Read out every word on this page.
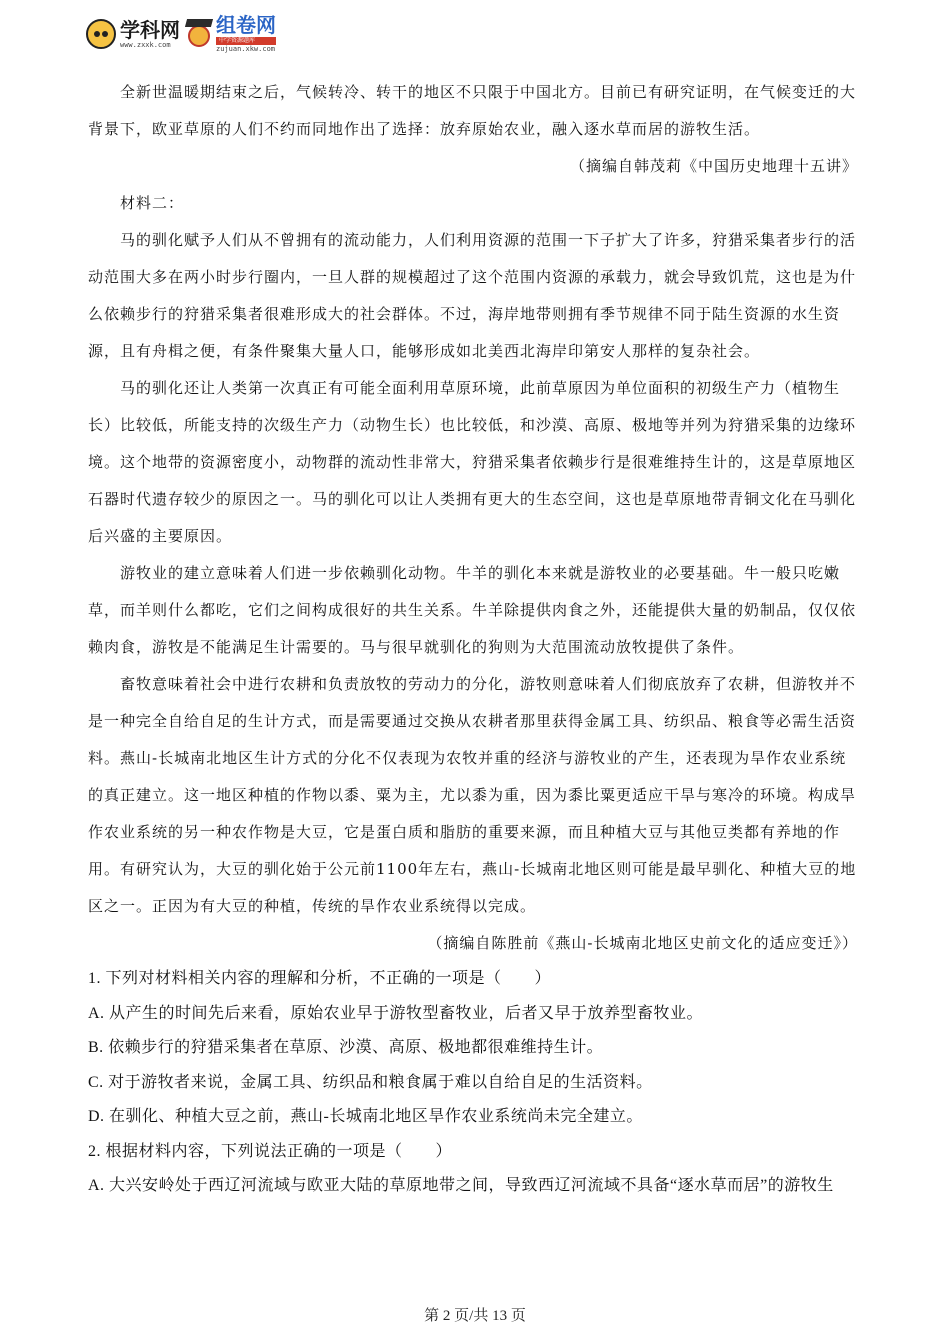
学科网
www.zxxk.com
组卷网
中学资源题库
zujuan.xkw.com

全新世温暖期结束之后，气候转冷、转干的地区不只限于中国北方。目前已有研究证明，在气候变迁的大背景下，欧亚草原的人们不约而同地作出了选择：放弃原始农业，融入逐水草而居的游牧生活。

（摘编自韩茂莉《中国历史地理十五讲》

材料二：

马的驯化赋予人们从不曾拥有的流动能力，人们利用资源的范围一下子扩大了许多，狩猎采集者步行的活动范围大多在两小时步行圈内，一旦人群的规模超过了这个范围内资源的承载力，就会导致饥荒，这也是为什么依赖步行的狩猎采集者很难形成大的社会群体。不过，海岸地带则拥有季节规律不同于陆生资源的水生资源，且有舟楫之便，有条件聚集大量人口，能够形成如北美西北海岸印第安人那样的复杂社会。

马的驯化还让人类第一次真正有可能全面利用草原环境，此前草原因为单位面积的初级生产力（植物生长）比较低，所能支持的次级生产力（动物生长）也比较低，和沙漠、高原、极地等并列为狩猎采集的边缘环境。这个地带的资源密度小，动物群的流动性非常大，狩猎采集者依赖步行是很难维持生计的，这是草原地区石器时代遗存较少的原因之一。马的驯化可以让人类拥有更大的生态空间，这也是草原地带青铜文化在马驯化后兴盛的主要原因。

游牧业的建立意味着人们进一步依赖驯化动物。牛羊的驯化本来就是游牧业的必要基础。牛一般只吃嫩草，而羊则什么都吃，它们之间构成很好的共生关系。牛羊除提供肉食之外，还能提供大量的奶制品，仅仅依赖肉食，游牧是不能满足生计需要的。马与很早就驯化的狗则为大范围流动放牧提供了条件。

畜牧意味着社会中进行农耕和负责放牧的劳动力的分化，游牧则意味着人们彻底放弃了农耕，但游牧并不是一种完全自给自足的生计方式，而是需要通过交换从农耕者那里获得金属工具、纺织品、粮食等必需生活资料。燕山-长城南北地区生计方式的分化不仅表现为农牧并重的经济与游牧业的产生，还表现为旱作农业系统的真正建立。这一地区种植的作物以黍、粟为主，尤以黍为重，因为黍比粟更适应干旱与寒冷的环境。构成旱作农业系统的另一种农作物是大豆，它是蛋白质和脂肪的重要来源，而且种植大豆与其他豆类都有养地的作用。有研究认为，大豆的驯化始于公元前1100年左右，燕山-长城南北地区则可能是最早驯化、种植大豆的地区之一。正因为有大豆的种植，传统的旱作农业系统得以完成。

（摘编自陈胜前《燕山-长城南北地区史前文化的适应变迁》）

1. 下列对材料相关内容的理解和分析，不正确的一项是（　　）

A. 从产生的时间先后来看，原始农业早于游牧型畜牧业，后者又早于放养型畜牧业。

B. 依赖步行的狩猎采集者在草原、沙漠、高原、极地都很难维持生计。

C. 对于游牧者来说，金属工具、纺织品和粮食属于难以自给自足的生活资料。

D. 在驯化、种植大豆之前，燕山-长城南北地区旱作农业系统尚未完全建立。

2. 根据材料内容，下列说法正确的一项是（　　）

A. 大兴安岭处于西辽河流域与欧亚大陆的草原地带之间，导致西辽河流域不具备“逐水草而居”的游牧生

第 2 页/共 13 页
